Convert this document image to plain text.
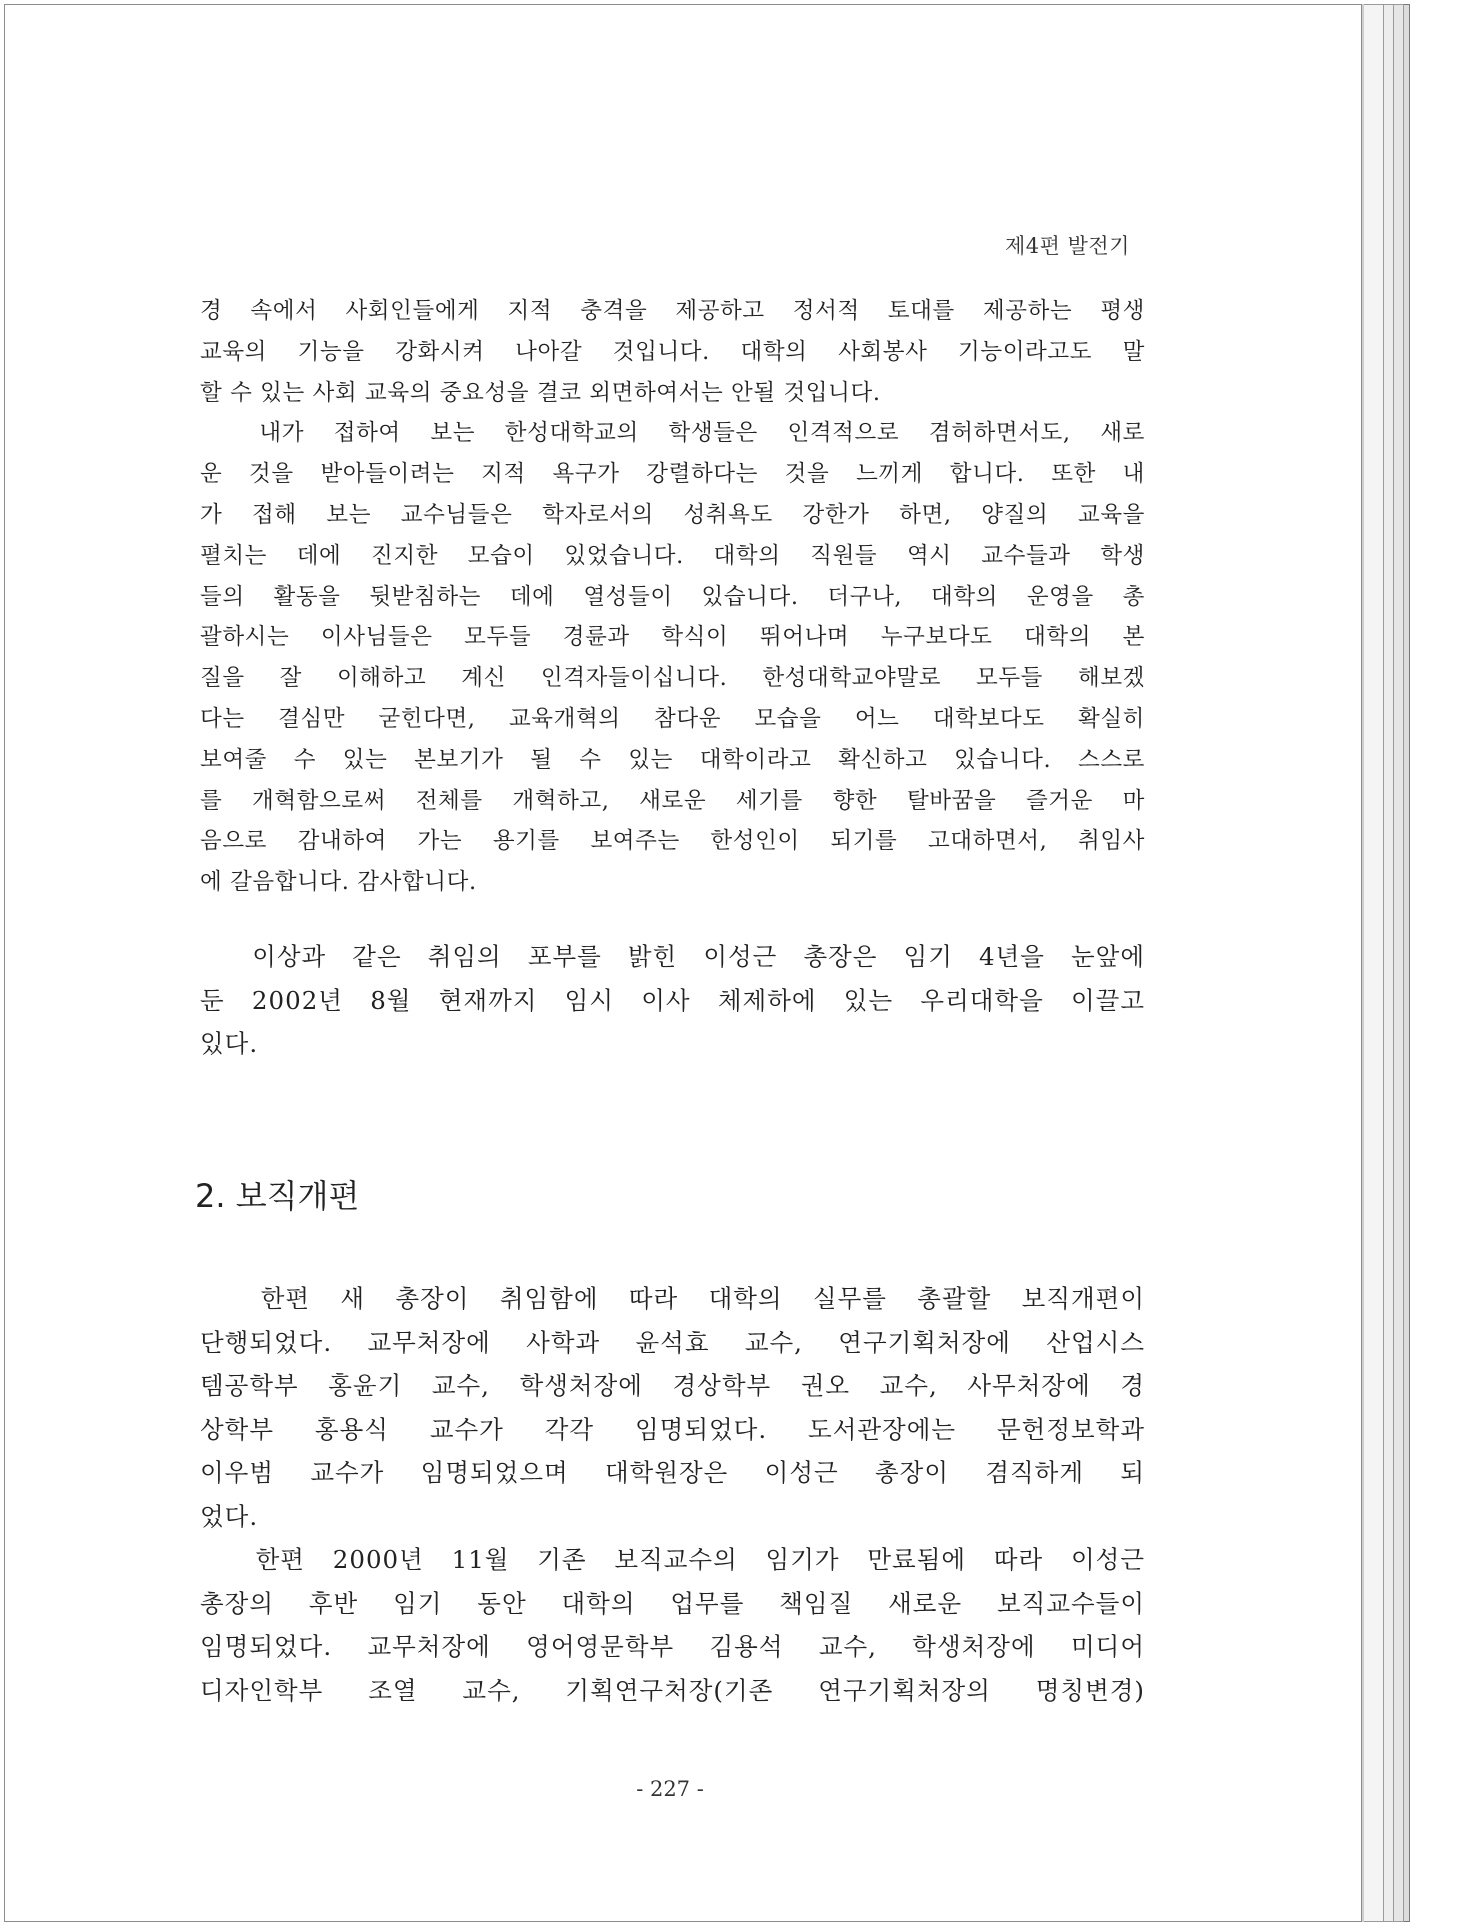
제4편 발전기
경 속에서 사회인들에게 지적 충격을 제공하고 정서적 토대를 제공하는 평생
교육의 기능을 강화시켜 나아갈 것입니다. 대학의 사회봉사 기능이라고도 말
할 수 있는 사회 교육의 중요성을 결코 외면하여서는 안될 것입니다.
내가 접하여 보는 한성대학교의 학생들은 인격적으로 겸허하면서도, 새로
운 것을 받아들이려는 지적 욕구가 강렬하다는 것을 느끼게 합니다. 또한 내
가 접해 보는 교수님들은 학자로서의 성취욕도 강한가 하면, 양질의 교육을
펼치는 데에 진지한 모습이 있었습니다. 대학의 직원들 역시 교수들과 학생
들의 활동을 뒷받침하는 데에 열성들이 있습니다. 더구나, 대학의 운영을 총
괄하시는 이사님들은 모두들 경륜과 학식이 뛰어나며 누구보다도 대학의 본
질을 잘 이해하고 계신 인격자들이십니다. 한성대학교야말로 모두들 해보겠
다는 결심만 굳힌다면, 교육개혁의 참다운 모습을 어느 대학보다도 확실히
보여줄 수 있는 본보기가 될 수 있는 대학이라고 확신하고 있습니다. 스스로
를 개혁함으로써 전체를 개혁하고, 새로운 세기를 향한 탈바꿈을 즐거운 마
음으로 감내하여 가는 용기를 보여주는 한성인이 되기를 고대하면서, 취임사
에 갈음합니다. 감사합니다.
이상과 같은 취임의 포부를 밝힌 이성근 총장은 임기 4년을 눈앞에
둔 2002년 8월 현재까지 임시 이사 체제하에 있는 우리대학을 이끌고
있다.
2. 보직개편
한편 새 총장이 취임함에 따라 대학의 실무를 총괄할 보직개편이
단행되었다. 교무처장에 사학과 윤석효 교수, 연구기획처장에 산업시스
템공학부 홍윤기 교수, 학생처장에 경상학부 권오 교수, 사무처장에 경
상학부 홍용식 교수가 각각 임명되었다. 도서관장에는 문헌정보학과
이우범 교수가 임명되었으며 대학원장은 이성근 총장이 겸직하게 되
었다.
한편 2000년 11월 기존 보직교수의 임기가 만료됨에 따라 이성근
총장의 후반 임기 동안 대학의 업무를 책임질 새로운 보직교수들이
임명되었다. 교무처장에 영어영문학부 김용석 교수, 학생처장에 미디어
디자인학부 조열 교수, 기획연구처장(기존 연구기획처장의 명칭변경)
- 227 -
